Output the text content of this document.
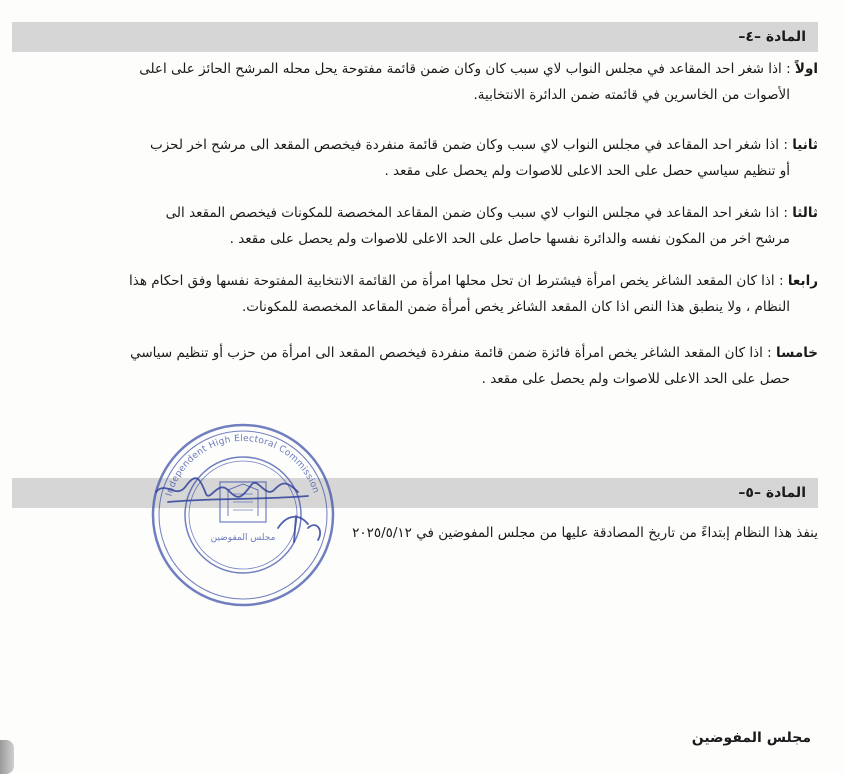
المادة –٤–
اولاً : اذا شغر احد المقاعد في مجلس النواب لاي سبب كان وكان ضمن قائمة مفتوحة يحل محله المرشح الحائز على اعلى
الأصوات من الخاسرين في قائمته ضمن الدائرة الانتخابية.
ثانيا : اذا شغر احد المقاعد في مجلس النواب لاي سبب وكان ضمن قائمة منفردة فيخصص المقعد الى مرشح اخر لحزب
أو تنظيم سياسي حصل على الحد الاعلى للاصوات ولم يحصل على مقعد .
ثالثا : اذا شغر احد المقاعد في مجلس النواب لاي سبب وكان ضمن المقاعد المخصصة للمكونات فيخصص المقعد الى
مرشح اخر من المكون نفسه والدائرة نفسها حاصل على الحد الاعلى للاصوات ولم يحصل على مقعد .
رابعا : اذا كان المقعد الشاغر يخص امرأة فيشترط ان تحل محلها امرأة من القائمة الانتخابية المفتوحة نفسها وفق احكام هذا
النظام ، ولا ينطبق هذا النص اذا كان المقعد الشاغر يخص أمرأة ضمن المقاعد المخصصة للمكونات.
خامسا : اذا كان المقعد الشاغر يخص امرأة فائزة ضمن قائمة منفردة فيخصص المقعد الى امرأة من حزب أو تنظيم سياسي
حصل على الحد الاعلى للاصوات ولم يحصل على مقعد .
المادة –٥–
ينفذ هذا النظام إبتداءً من تاريخ المصادقة عليها من مجلس المفوضين في ٢٠٢٥/٥/١٢
Independent High Electoral Commission
مجلس المفوضين
مجلس المفوضين
